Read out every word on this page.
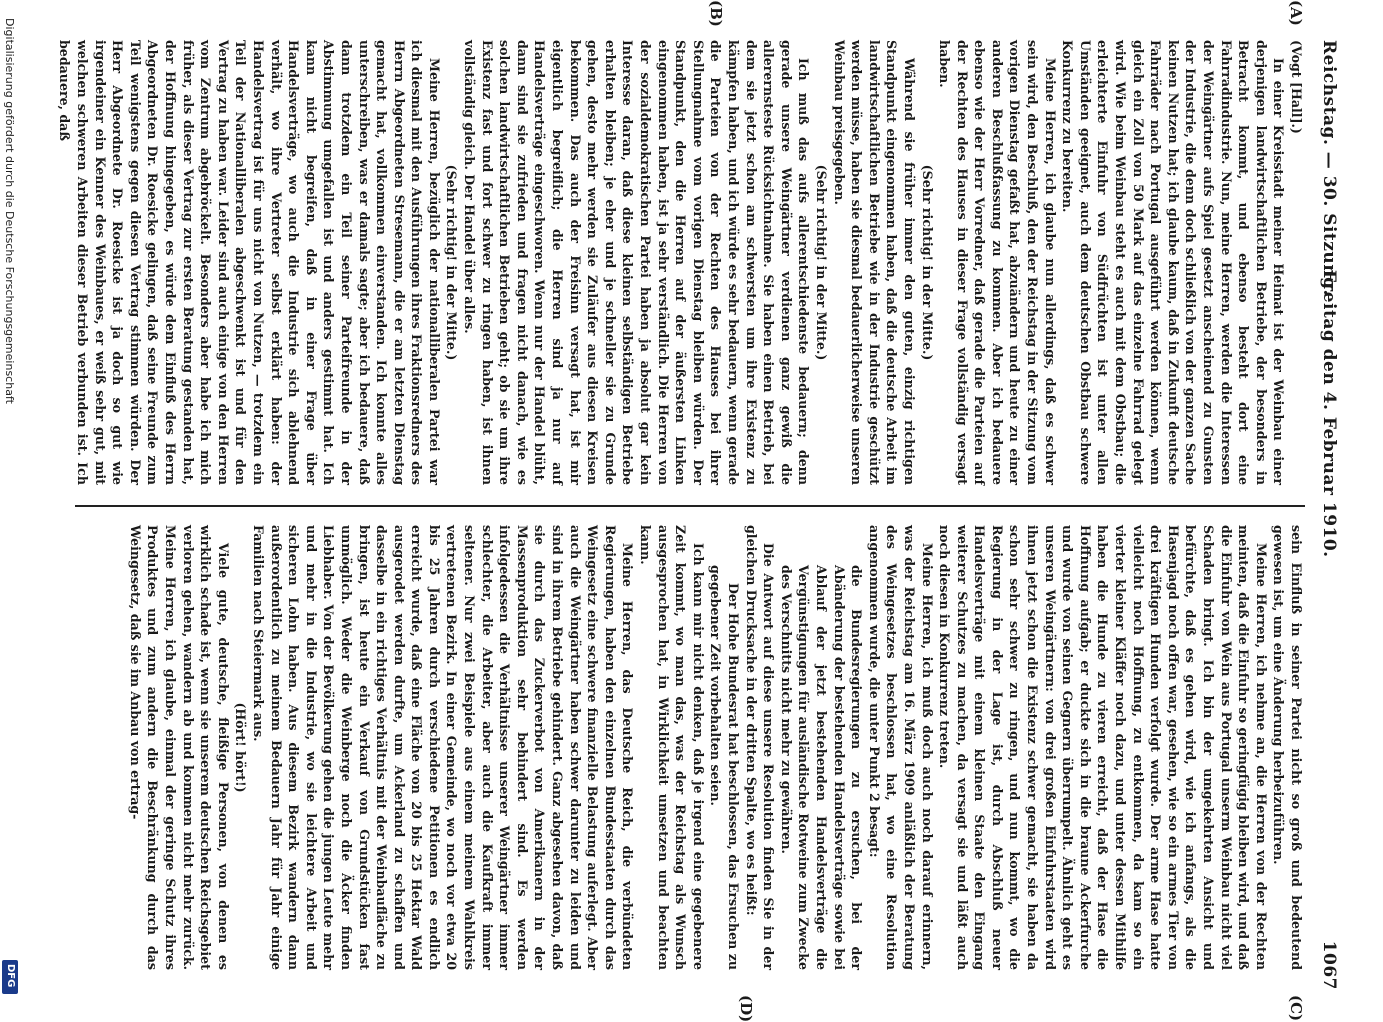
Digitalisierung gefördert durch die Deutsche Forschungsgemeinschaft
DFG
Reichstag. — 30. Sitzung.
Freitag den 4. Februar 1910.
1067
(A)
(B)
(C)
(D)

(Vogt [Hall].)

In einer Kreisstadt meiner Heimat ist der Weinbau einer derjenigen landwirtschaftlichen Betriebe, der besonders in Betracht kommt, und ebenso besteht dort eine Fahrradindustrie. Nun, meine Herren, werden die Interessen der Weingärtner aufs Spiel gesetzt anscheinend zu Gunsten der Industrie, die denn doch schließlich von der ganzen Sache keinen Nutzen hat; ich glaube kaum, daß in Zukunft deutsche Fahrräder nach Portugal ausgeführt werden können, wenn gleich ein Zoll von 50 Mark auf das einzelne Fahrrad gelegt wird. Wie beim Weinbau steht es auch mit dem Obstbau; die erleichterte Einfuhr von Südfrüchten ist unter allen Umständen geeignet, auch dem deutschen Obstbau schwere Konkurrenz zu bereiten.

Meine Herren, ich glaube nun allerdings, daß es schwer sein wird, den Beschluß, den der Reichstag in der Sitzung vom vorigen Dienstag gefaßt hat, abzuändern und heute zu einer anderen Beschlußfassung zu kommen. Aber ich bedauere ebenso wie der Herr Vorredner, daß gerade die Parteien auf der Rechten des Hauses in dieser Frage vollständig versagt haben.

(Sehr richtig! in der Mitte.)

Während sie früher immer den guten, einzig richtigen Standpunkt eingenommen haben, daß die deutsche Arbeit im landwirtschaftlichen Betriebe wie in der Industrie geschützt werden müsse, haben sie diesmal bedauerlicherweise unseren Weinbau preisgegeben.

(Sehr richtig! in der Mitte.)

Ich muß das aufs allerentschiedenste bedauern; denn gerade unsere Weingärtner verdienen ganz gewiß die allerernsteste Rücksichtnahme. Sie haben einen Betrieb, bei dem sie jetzt schon am schwersten um ihre Existenz zu kämpfen haben, und ich würde es sehr bedauern, wenn gerade die Parteien von der Rechten des Hauses bei ihrer Stellungnahme vom vorigen Dienstag bleiben würden. Der Standpunkt, den die Herren auf der äußersten Linken eingenommen haben, ist ja sehr verständlich. Die Herren von der sozialdemokratischen Partei haben ja absolut gar kein Interesse daran, daß diese kleinen selbständigen Betriebe erhalten bleiben; je eher und je schneller sie zu Grunde gehen, desto mehr werden sie Zuläufer aus diesen Kreisen bekommen. Das auch der Freisinn versagt hat, ist mir eigentlich begreiflich; die Herren sind ja nur auf Handelsverträge eingeschworen. Wenn nur der Handel blüht, dann sind sie zufrieden und fragen nicht danach, wie es solchen landwirtschaftlichen Betrieben geht; ob sie um ihre Existenz fast und fort schwer zu ringen haben, ist ihnen vollständig gleich. Der Handel über alles.

(Sehr richtig! in der Mitte.)

Meine Herren, bezüglich der nationalliberalen Partei war ich diesmal mit den Ausführungen ihres Fraktionsredners des Herrn Abgeordneten Stresemann, die er am letzten Dienstag gemacht hat, vollkommen einverstanden. Ich konnte alles unterschreiben, was er damals sagte; aber ich bedauere, daß dann trotzdem ein Teil seiner Parteifreunde in der Abstimmung umgefallen ist und anders gestimmt hat. Ich kann nicht begreifen, daß in einer Frage über Handelsverträge, wo auch die Industrie sich ablehnend verhält, wo ihre Vertreter selbst erklärt haben: der Handelsvertrag ist für uns nicht von Nutzen, — trotzdem ein Teil der Nationalliberalen abgeschwenkt ist und für den Vertrag zu haben war. Leider sind auch einige von den Herren vom Zentrum abgebröckelt. Besonders aber habe ich mich früher, als dieser Vertrag zur ersten Beratung gestanden hat, der Hoffnung hingegeben, es würde dem Einfluß des Herrn Abgeordneten Dr. Roesicke gelingen, daß seine Freunde zum Teil wenigstens gegen diesen Vertrag stimmen würden. Der Herr Abgeordnete Dr. Roesicke ist ja doch so gut wie irgendeiner ein Kenner des Weinbaues, er weiß sehr gut, mit welchen schweren Arbeiten dieser Betrieb verbunden ist. Ich bedauere, daß

sein Einfluß in seiner Partei nicht so groß und bedeutend gewesen ist, um eine Änderung herbeizuführen.

Meine Herren, ich nehme an, die Herren von der Rechten meinten, daß die Einfuhr so geringfügig bleiben wird, und daß die Einfuhr von Wein aus Portugal unserm Weinbau nicht viel Schaden bringt. Ich bin der umgekehrten Ansicht und befürchte, daß es gehen wird, wie ich anfangs, als die Hasenjagd noch offen war, gesehen, wie so ein armes Tier von drei kräftigen Hunden verfolgt wurde. Der arme Hase hatte vielleicht noch Hoffnung, zu entkommen, da kam so ein vierter kleiner Kläffer noch dazu, und unter dessen Mithilfe haben die Hunde zu vieren erreicht, daß der Hase die Hoffnung aufgab; er duckte sich in die braune Ackerfurche und wurde von seinen Gegnern überrumpelt. Ähnlich geht es unseren Weingärtnern: von drei großen Einfuhrstaaten wird ihnen jetzt schon die Existenz schwer gemacht, sie haben da schon sehr schwer zu ringen, und nun kommt, wo die Regierung in der Lage ist, durch Abschluß neuer Handelsverträge mit einem kleinen Staate den Eingang weiterer Schutzes zu machen, da versagt sie und läßt auch noch diesen in Konkurrenz treten.

Meine Herren, ich muß doch auch noch darauf erinnern, was der Reichstag am 16. März 1909 anläßlich der Beratung des Weingesetzes beschlossen hat, wo eine Resolution angenommen wurde, die unter Punkt 2 besagt:

die Bundesregierungen zu ersuchen, bei der Abänderung der bestehenden Handelsverträge sowie bei Ablauf der jetzt bestehenden Handelsverträge die Vergünstigungen für ausländische Rotweine zum Zwecke des Verschnitts nicht mehr zu gewähren.

Die Antwort auf diese unsere Resolution finden Sie in der gleichen Drucksache in der dritten Spalte, wo es heißt:

Der Hohe Bundesrat hat beschlossen, das Ersuchen zu gegebener Zeit vorbehalten seien.

Ich kann mir nicht denken, daß je irgend eine gegebenere Zeit kommt, wo man das, was der Reichstag als Wunsch ausgesprochen hat, in Wirklichkeit umsetzen und beachten kann.

Meine Herren, das Deutsche Reich, die verbündeten Regierungen, haben den einzelnen Bundesstaaten durch das Weingesetz eine schwere finanzielle Belastung auferlegt. Aber auch die Weingärtner haben schwer darunter zu leiden und sind in ihrem Betriebe gehindert. Ganz abgesehen davon, daß sie durch das Zuckerverbot von Amerikanern in der Massenproduktion sehr behindert sind. Es werden infolgedessen die Verhältnisse unserer Weingärtner immer schlechter, die Arbeiter, aber auch die Kaufkraft immer seltener. Nur zwei Beispiele aus einem meinem Wahlkreis vertretenen Bezirk. In einer Gemeinde, wo noch vor etwa 20 bis 25 Jahren durch verschiedene Petitionen es endlich erreicht wurde, daß eine Fläche von 20 bis 25 Hektar Wald ausgerodet werden durfte, um Ackerland zu schaffen und dasselbe in ein richtiges Verhältnis mit der Weinbaufläche zu bringen, ist heute ein Verkauf von Grundstücken fast unmöglich. Weder die Weinberge noch die Äcker finden Liebhaber. Von der Bevölkerung gehen die jungen Leute mehr und mehr in die Industrie, wo sie leichtere Arbeit und sicheren Lohn haben. Aus diesem Bezirk wandern dann außerordentlich zu meinem Bedauern Jahr für Jahr einige Familien nach Steiermark aus.

(Hört! hört!)

Viele gute, deutsche, fleißige Personen, von denen es wirklich schade ist, wenn sie unserem deutschen Reichsgebiet verloren gehen, wandern ab und kommen nicht mehr zurück. Meine Herren, ich glaube, einmal der geringe Schutz ihres Produktes und zum andern die Beschränkung durch das Weingesetz, daß sie im Anbau von ertrag-
